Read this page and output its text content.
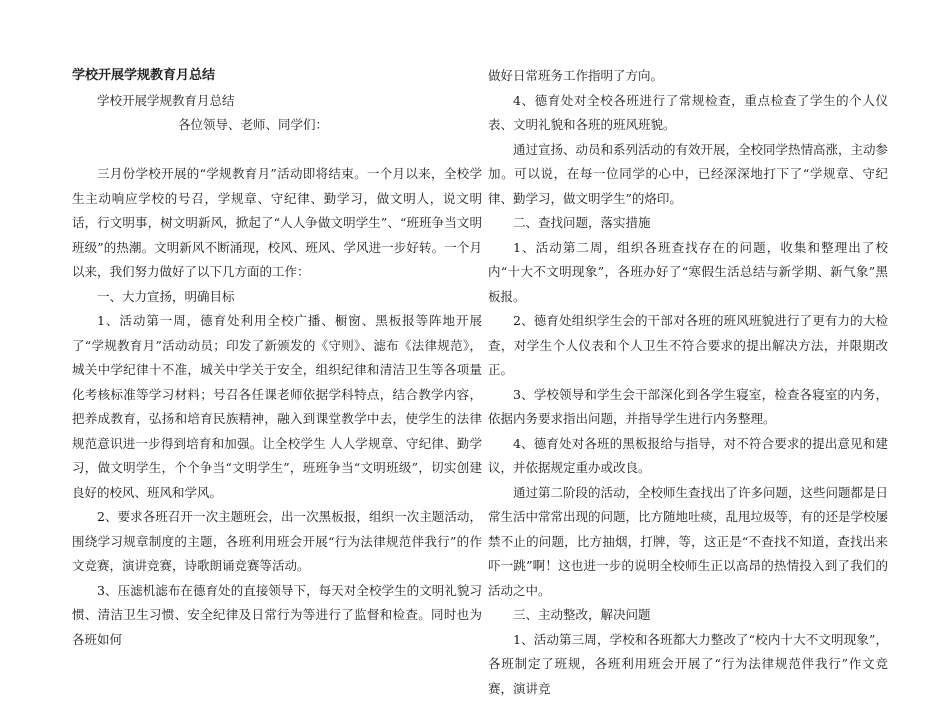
学校开展学规教育月总结

学校开展学规教育月总结

各位领导、老师、同学们：

三月份学校开展的“学规教育月”活动即将结束。一个月以来，全校学生主动响应学校的号召，学规章、守纪律、勤学习，做文明人，说文明话，行文明事，树文明新风，掀起了“人人争做文明学生”、“班班争当文明班级”的热潮。文明新风不断涌现，校风、班风、学风进一步好转。一个月以来，我们努力做好了以下几方面的工作：

一、大力宣扬，明确目标

1、活动第一周，德育处利用全校广播、橱窗、黑板报等阵地开展了“学规教育月”活动动员；印发了新颁发的《守则》、滤布《法律规范》，城关中学纪律十不准，城关中学关于安全，组织纪律和清洁卫生等各项量化考核标准等学习材料；号召各任课老师依据学科特点，结合教学内容，把养成教育，弘扬和培育民族精神，融入到课堂教学中去，使学生的法律规范意识进一步得到培育和加强。让全校学生 人人学规章、守纪律、勤学习，做文明学生，个个争当“文明学生”，班班争当“文明班级”，切实创建良好的校风、班风和学风。

2、要求各班召开一次主题班会，出一次黑板报，组织一次主题活动，围绕学习规章制度的主题，各班利用班会开展“行为法律规范伴我行”的作文竞赛，演讲竞赛，诗歌朗诵竞赛等活动。

3、压滤机滤布在德育处的直接领导下，每天对全校学生的文明礼貌习惯、清洁卫生习惯、安全纪律及日常行为等进行了监督和检查。同时也为各班如何

做好日常班务工作指明了方向。

4、德育处对全校各班进行了常规检查，重点检查了学生的个人仪表、文明礼貌和各班的班风班貌。

通过宣扬、动员和系列活动的有效开展，全校同学热情高涨，主动参加。可以说，在每一位同学的心中，已经深深地打下了“学规章、守纪律、勤学习，做文明学生”的烙印。

二、查找问题，落实措施

1、活动第二周，组织各班查找存在的问题，收集和整理出了校内“十大不文明现象”，各班办好了“寒假生活总结与新学期、新气象”黑板报。

2、德育处组织学生会的干部对各班的班风班貌进行了更有力的大检查，对学生个人仪表和个人卫生不符合要求的提出解决方法，并限期改正。

3、学校领导和学生会干部深化到各学生寝室，检查各寝室的内务，依据内务要求指出问题，并指导学生进行内务整理。

4、德育处对各班的黑板报给与指导，对不符合要求的提出意见和建议，并依据规定重办或改良。

通过第二阶段的活动，全校师生查找出了许多问题，这些问题都是日常生活中常常出现的问题，比方随地吐痰，乱甩垃圾等，有的还是学校屡禁不止的问题，比方抽烟，打牌，等，这正是“不查找不知道，查找出来吓一跳”啊！这也进一步的说明全校师生正以高昂的热情投入到了我们的活动之中。

三、主动整改，解决问题

1、活动第三周，学校和各班都大力整改了“校内十大不文明现象”，各班制定了班规，各班利用班会开展了“行为法律规范伴我行”作文竞赛，演讲竞
